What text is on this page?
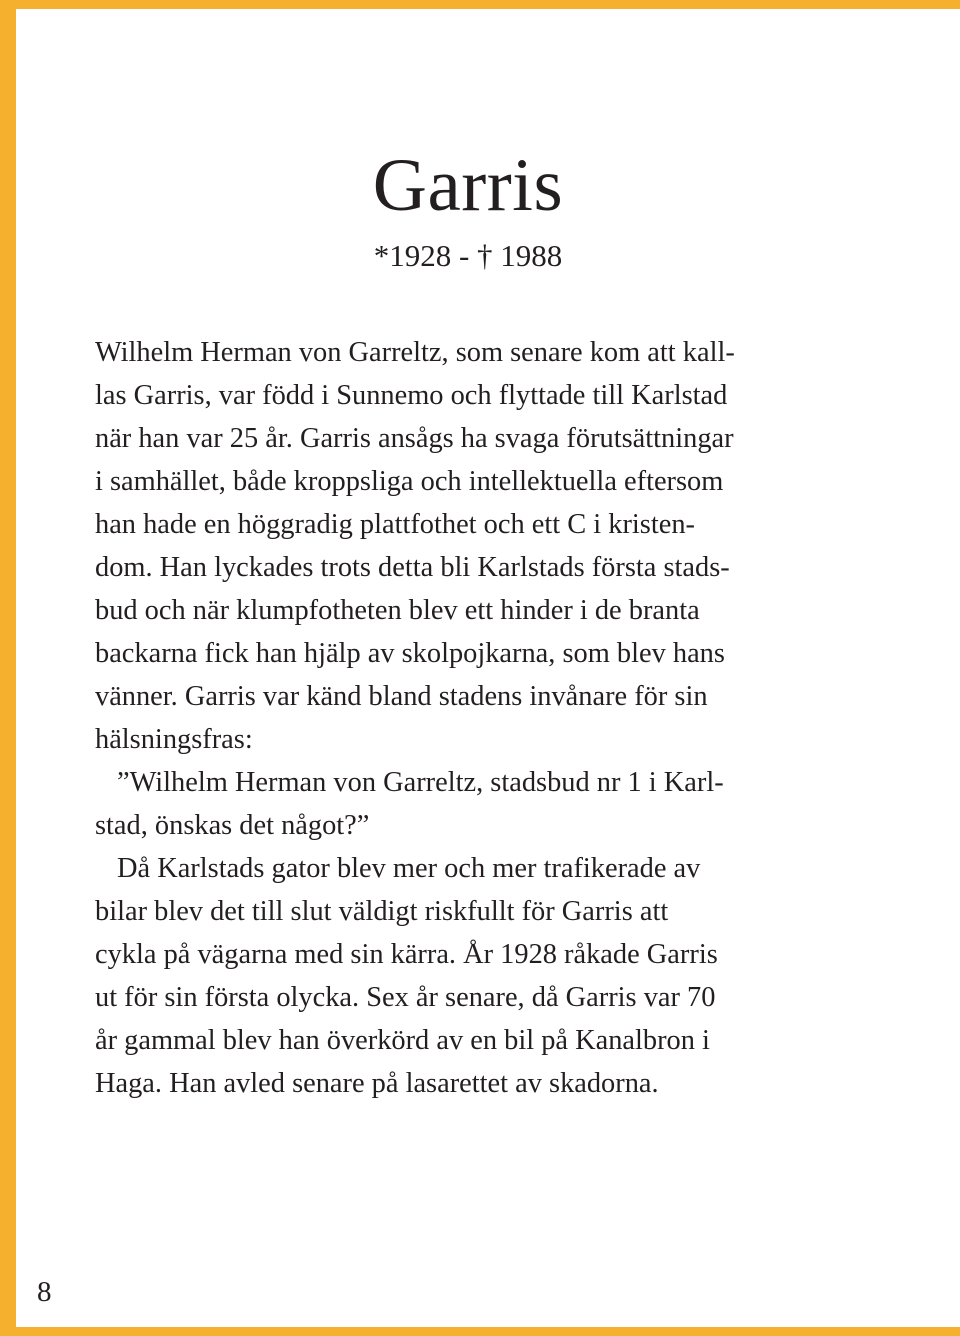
Garris
*1928 - † 1988
Wilhelm Herman von Garreltz, som senare kom att kall-
las Garris, var född i Sunnemo och flyttade till Karlstad
när han var 25 år. Garris ansågs ha svaga förutsättningar
i samhället, både kroppsliga och intellektuella eftersom
han hade en höggradig plattfothet och ett C i kristen-
dom. Han lyckades trots detta bli Karlstads första stads-
bud och när klumpfotheten blev ett hinder i de branta
backarna fick han hjälp av skolpojkarna, som blev hans
vänner. Garris var känd bland stadens invånare för sin
hälsningsfras:
”Wilhelm Herman von Garreltz, stadsbud nr 1 i Karl-
stad, önskas det något?”
Då Karlstads gator blev mer och mer trafikerade av
bilar blev det till slut väldigt riskfullt för Garris att
cykla på vägarna med sin kärra. År 1928 råkade Garris
ut för sin första olycka. Sex år senare, då Garris var 70
år gammal blev han överkörd av en bil på Kanalbron i
Haga. Han avled senare på lasarettet av skadorna.
8
